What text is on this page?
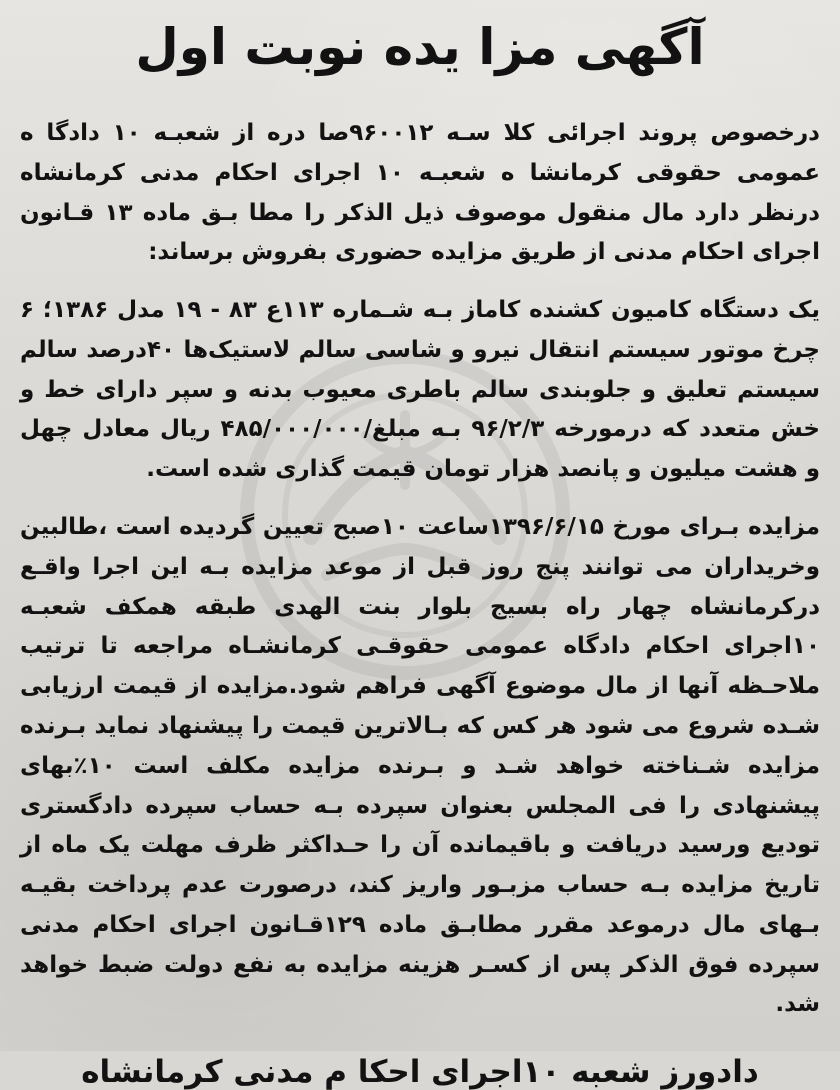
آگهی مزا یده نوبت اول

درخصوص پروند اجرائی کلا سـه ۹۶۰۰۱۲صا دره از شعبـه ۱۰ دادگا ه عمومی حقوقی کرمانشا ه شعبـه ۱۰ اجرای احکام مدنی کرمانشاه درنظر دارد مال منقول موصوف ذیل الذکر را مطا بـق ماده ۱۳ قـانون اجرای احکام مدنی از طریق مزایده حضوری بفروش برساند:

یک دستگاه کامیون کشنده کاماز بـه شـماره ۱۱۳ع ۸۳ - ۱۹ مدل ۱۳۸۶؛ ۶ چرخ موتور سیستم انتقال نیرو و شاسی سالم لاستیک‌ها ۴۰درصد سالم سیستم تعلیق و جلوبندی سالم باطری معیوب بدنه و سپر دارای خط و خش متعدد که درمورخه ۹۶/۲/۳ بـه مبلغ/۴۸۵/۰۰۰/۰۰۰ ریال معادل چهل و هشت میلیون و پانصد هزار تومان قیمت گذاری شده است.

مزایده بـرای مورخ ۱۳۹۶/۶/۱۵ساعت ۱۰صبح تعیین گردیده است ،طالبین وخریداران می توانند پنج روز قبل از موعد مزایده بـه این اجرا واقـع درکرمانشاه چهار راه بسیج بلوار بنت الهدی طبقه همکف شعبـه ۱۰اجرای احکام دادگاه عمومی حقوقـی کرمانشـاه مراجعه تا ترتیب ملاحـظه آنها از مال موضوع آگهی فراهم شود.مزایده از قیمت ارزیابی شـده شروع می شود هر کس که بـالاترین قیمت را پیشنهاد نماید بـرنده مزایده شـناخته خواهد شـد و بـرنده مزایده مکلف است ۱۰٪بهای پیشنهادی را فی المجلس بعنوان سپرده بـه حساب سپرده دادگستری تودیع ورسید دریافت و باقیمانده آن را حـداکثر ظرف مهلت یک ماه از تاریخ مزایده بـه حساب مزبـور واریز کند، درصورت عدم پرداخت بقیـه بـهای مال درموعد مقرر مطابـق ماده ۱۲۹قـانون اجرای احکام مدنی سپرده فوق الذکر پس از کسـر هزینه مزایده به نفع دولت ضبط خواهد شد.

دادورز شعبه ۱۰اجرای احکا م مدنی کرمانشاه
